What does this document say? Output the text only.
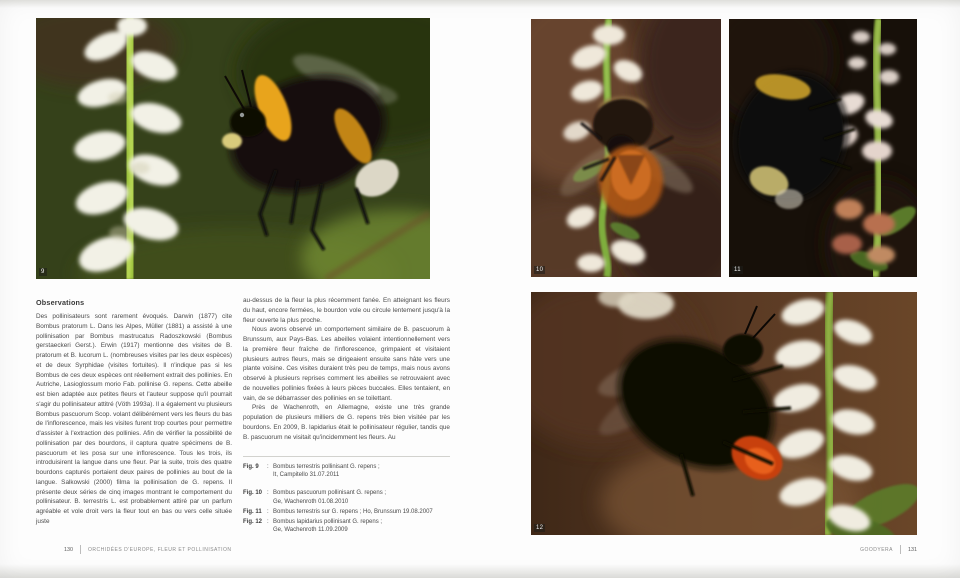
9
Observations
Des pollinisateurs sont rarement évoqués. Darwin (1877) cite Bombus pratorum L. Dans les Alpes, Müller (1881) a assisté à une pollinisation par Bombus mastrucatus Radoszkowski (Bombus gerstaeckeri Gerst.). Erwin (1917) mentionne des visites de B. pratorum et B. lucorum L. (nombreuses visites par les deux espèces) et de deux Syrphidae (visites fortuites). Il n'indique pas si les Bombus de ces deux espèces ont réellement extrait des pollinies. En Autriche, Lasioglossum morio Fab. pollinise G. repens. Cette abeille est bien adaptée aux petites fleurs et l'auteur suppose qu'il pourrait s'agir du pollinisateur attitré (Vöth 1993a). Il a également vu plusieurs Bombus pascuorum Scop. volant délibérément vers les fleurs du bas de l'inflorescence, mais les visites furent trop courtes pour permettre d'assister à l'extraction des pollinies. Afin de vérifier la possibilité de pollinisation par des bourdons, il captura quatre spécimens de B. pascuorum et les posa sur une inflorescence. Tous les trois, ils introduisirent la langue dans une fleur. Par la suite, trois des quatre bourdons capturés portaient deux paires de pollinies au bout de la langue. Salkowski (2000) filma la pollinisation de G. repens. Il présente deux séries de cinq images montrant le comportement du pollinisateur. B. terrestris L. est probablement attiré par un parfum agréable et vole droit vers la fleur tout en bas ou vers celle située juste

au-dessus de la fleur la plus récemment fanée. En atteignant les fleurs du haut, encore fermées, le bourdon vole ou circule lentement jusqu'à la fleur ouverte la plus proche.

Nous avons observé un comportement similaire de B. pascuorum à Brunssum, aux Pays-Bas. Les abeilles volaient intentionnellement vers la première fleur fraîche de l'inflorescence, grimpaient et visitaient plusieurs autres fleurs, mais se dirigeaient ensuite sans hâte vers une plante voisine. Ces visites duraient très peu de temps, mais nous avons observé à plusieurs reprises comment les abeilles se retrouvaient avec de nouvelles pollinies fixées à leurs pièces buccales. Elles tentaient, en vain, de se débarrasser des pollinies en se toilettant.

Près de Wachenroth, en Allemagne, existe une très grande population de plusieurs milliers de G. repens très bien visitée par les bourdons. En 2009, B. lapidarius était le pollinisateur régulier, tandis que B. pascuorum ne visitait qu'incidemment les fleurs. Au

Fig. 9	: Bombus terrestris pollinisant G. repens ;
It, Campitello 31.07.2011
Fig. 10 : Bombus pascuorum pollinisant G. repens ;
Ge, Wachenroth 01.08.2010
Fig. 11 : Bombus terrestris sur G. repens ; Ho, Brunssum 19.08.2007
Fig. 12 : Bombus lapidarius pollinisant G. repens ;
Ge, Wachenroth 11.09.2009
130	ORCHIDÉES D'EUROPE, FLEUR ET POLLINISATION
10	11
12
GOODYERA	131
